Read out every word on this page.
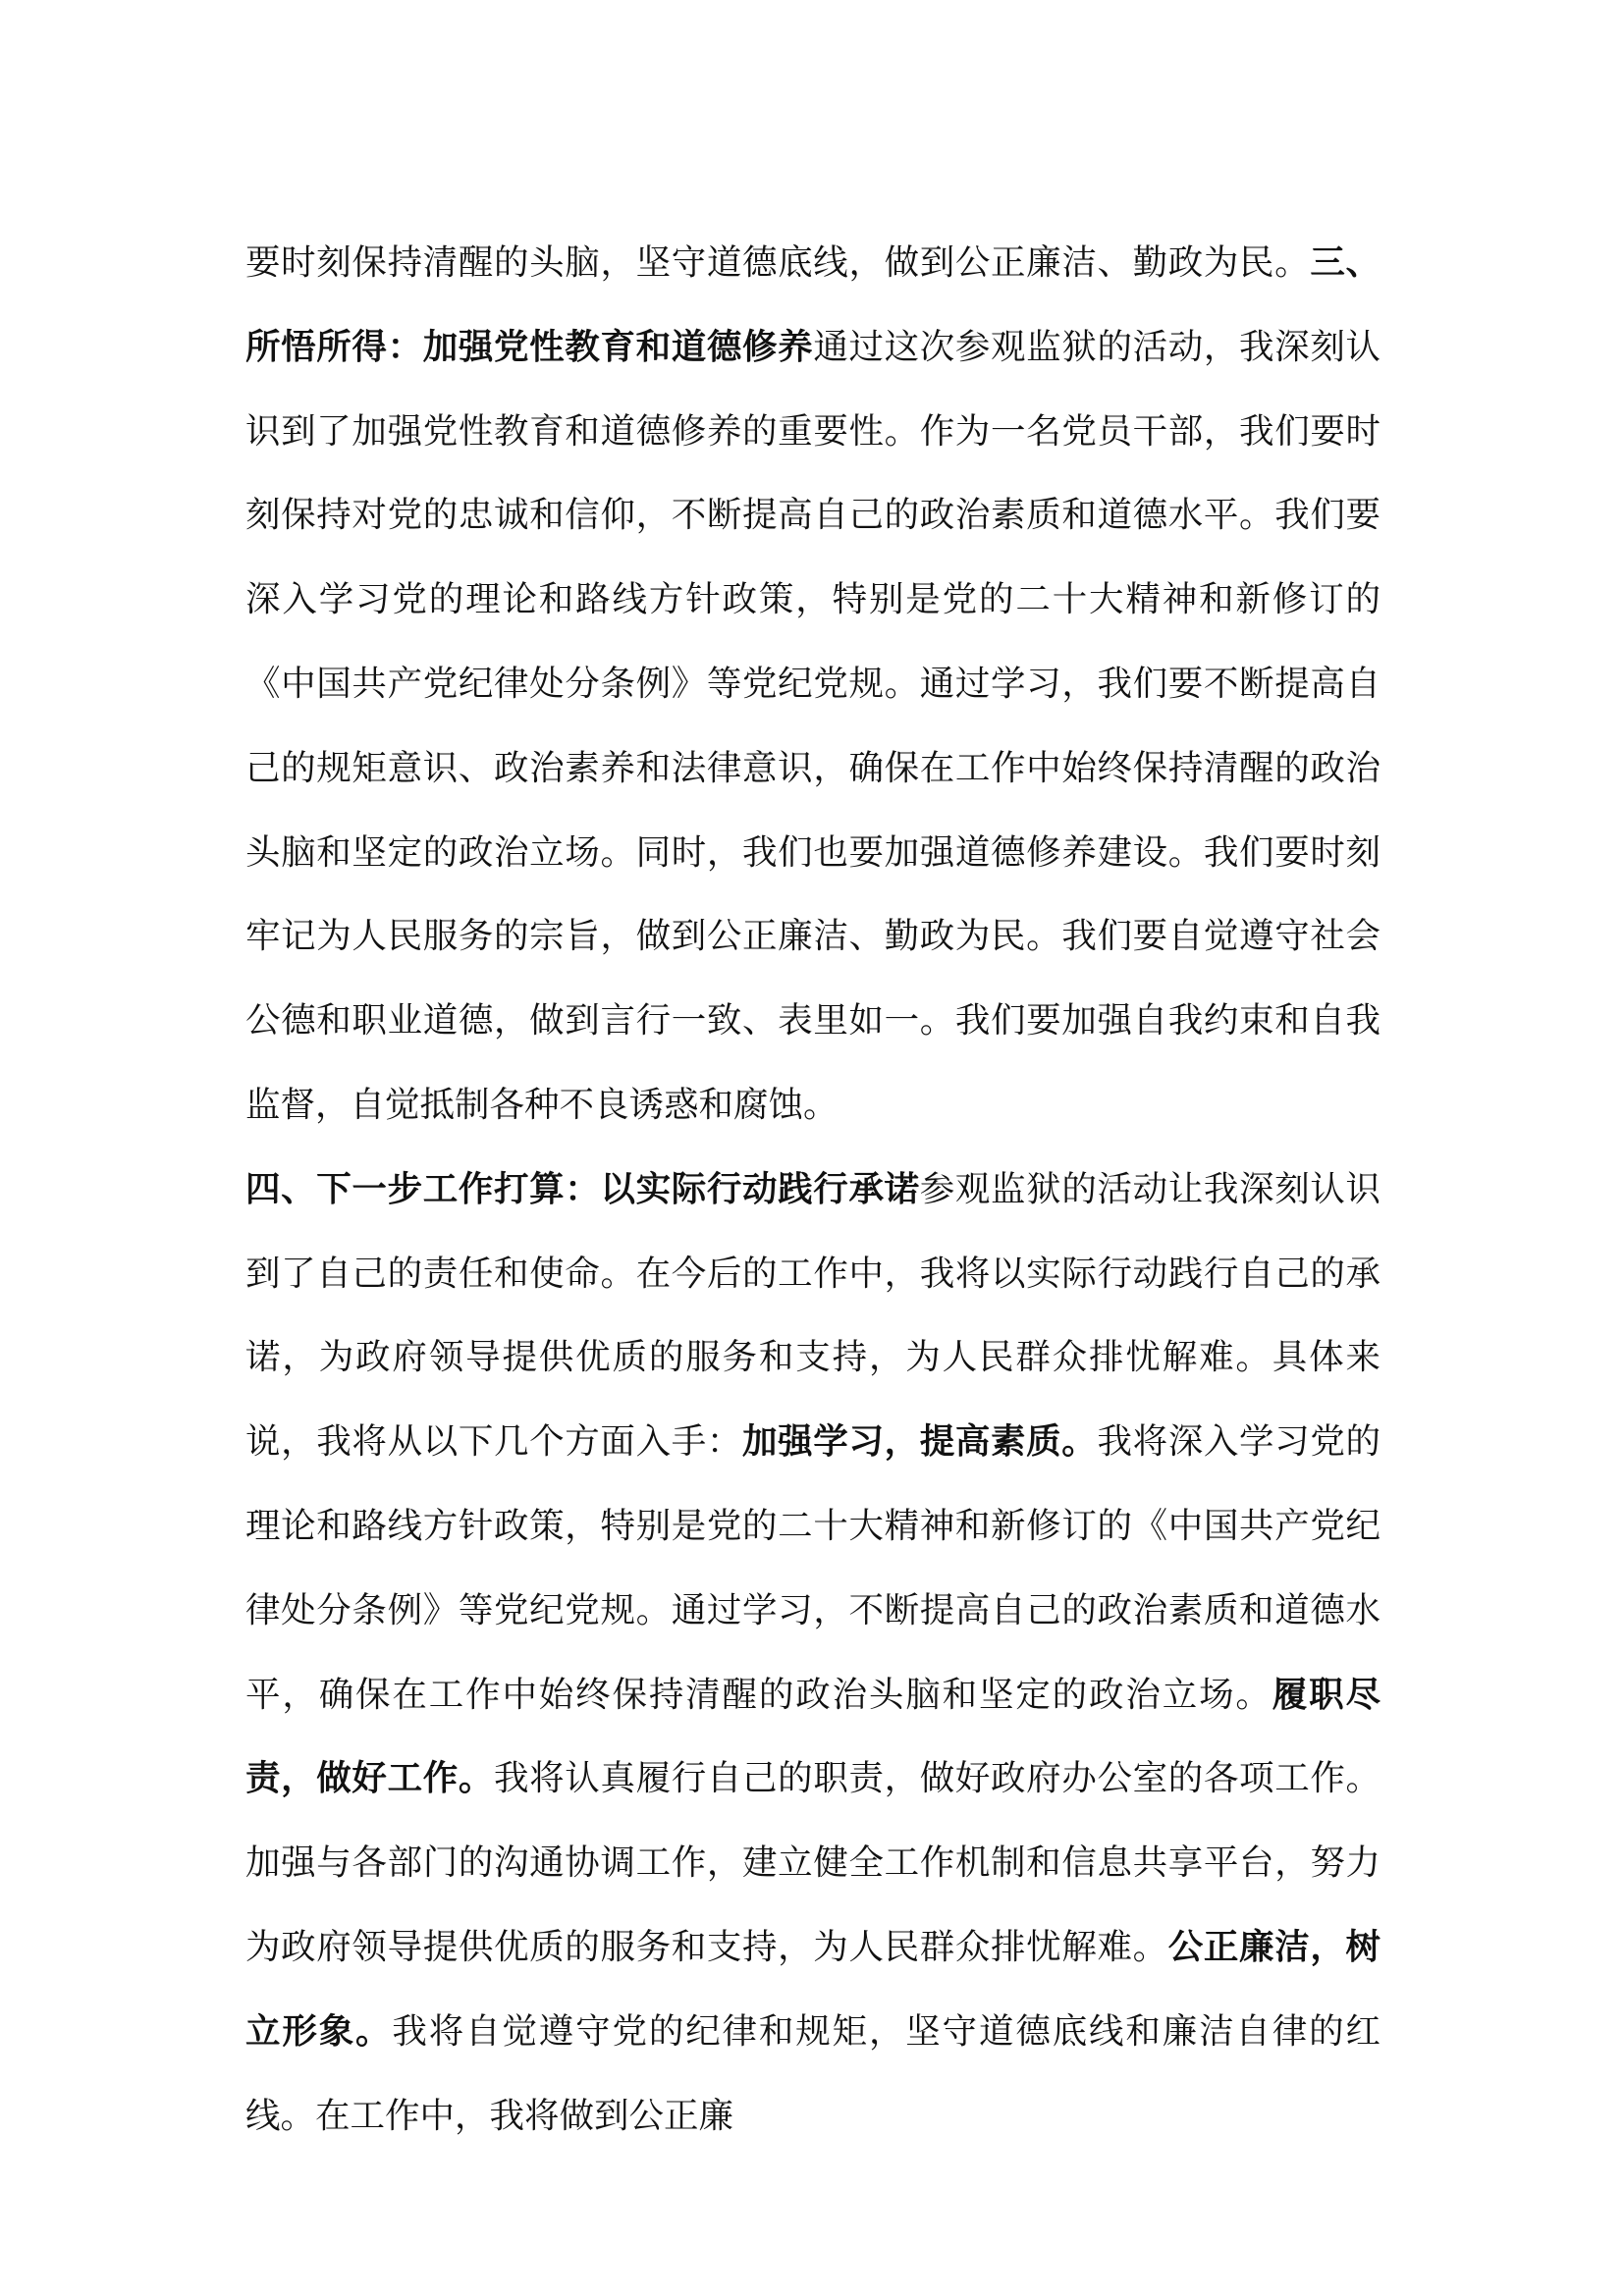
要时刻保持清醒的头脑，坚守道德底线，做到公正廉洁、勤政为民。三、所悟所得：加强党性教育和道德修养通过这次参观监狱的活动，我深刻认识到了加强党性教育和道德修养的重要性。作为一名党员干部，我们要时刻保持对党的忠诚和信仰，不断提高自己的政治素质和道德水平。我们要深入学习党的理论和路线方针政策，特别是党的二十大精神和新修订的《中国共产党纪律处分条例》等党纪党规。通过学习，我们要不断提高自己的规矩意识、政治素养和法律意识，确保在工作中始终保持清醒的政治头脑和坚定的政治立场。同时，我们也要加强道德修养建设。我们要时刻牢记为人民服务的宗旨，做到公正廉洁、勤政为民。我们要自觉遵守社会公德和职业道德，做到言行一致、表里如一。我们要加强自我约束和自我监督，自觉抵制各种不良诱惑和腐蚀。

四、下一步工作打算：以实际行动践行承诺参观监狱的活动让我深刻认识到了自己的责任和使命。在今后的工作中，我将以实际行动践行自己的承诺，为政府领导提供优质的服务和支持，为人民群众排忧解难。具体来说，我将从以下几个方面入手：加强学习，提高素质。我将深入学习党的理论和路线方针政策，特别是党的二十大精神和新修订的《中国共产党纪律处分条例》等党纪党规。通过学习，不断提高自己的政治素质和道德水平，确保在工作中始终保持清醒的政治头脑和坚定的政治立场。履职尽责，做好工作。我将认真履行自己的职责，做好政府办公室的各项工作。加强与各部门的沟通协调工作，建立健全工作机制和信息共享平台，努力为政府领导提供优质的服务和支持，为人民群众排忧解难。公正廉洁，树立形象。我将自觉遵守党的纪律和规矩，坚守道德底线和廉洁自律的红线。在工作中，我将做到公正廉
